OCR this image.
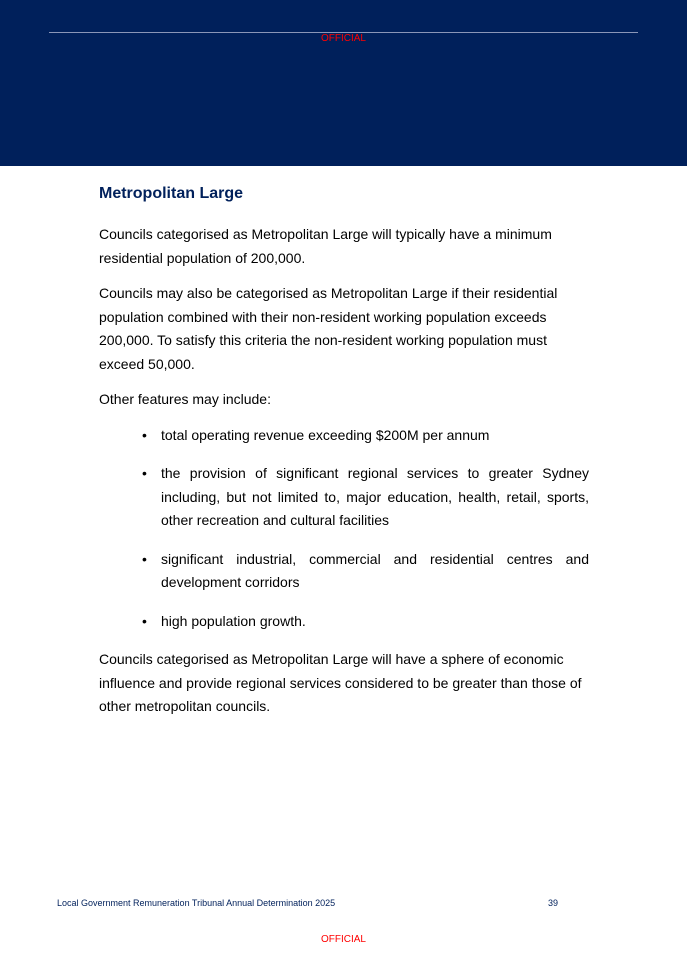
OFFICIAL
Metropolitan Large

Councils categorised as Metropolitan Large will typically have a minimum residential population of 200,000.

Councils may also be categorised as Metropolitan Large if their residential population combined with their non-resident working population exceeds 200,000. To satisfy this criteria the non-resident working population must exceed 50,000.

Other features may include:

• total operating revenue exceeding $200M per annum
• the provision of significant regional services to greater Sydney including, but not limited to, major education, health, retail, sports, other recreation and cultural facilities
• significant industrial, commercial and residential centres and development corridors
• high population growth.

Councils categorised as Metropolitan Large will have a sphere of economic influence and provide regional services considered to be greater than those of other metropolitan councils.

Local Government Remuneration Tribunal Annual Determination 2025	39
OFFICIAL
